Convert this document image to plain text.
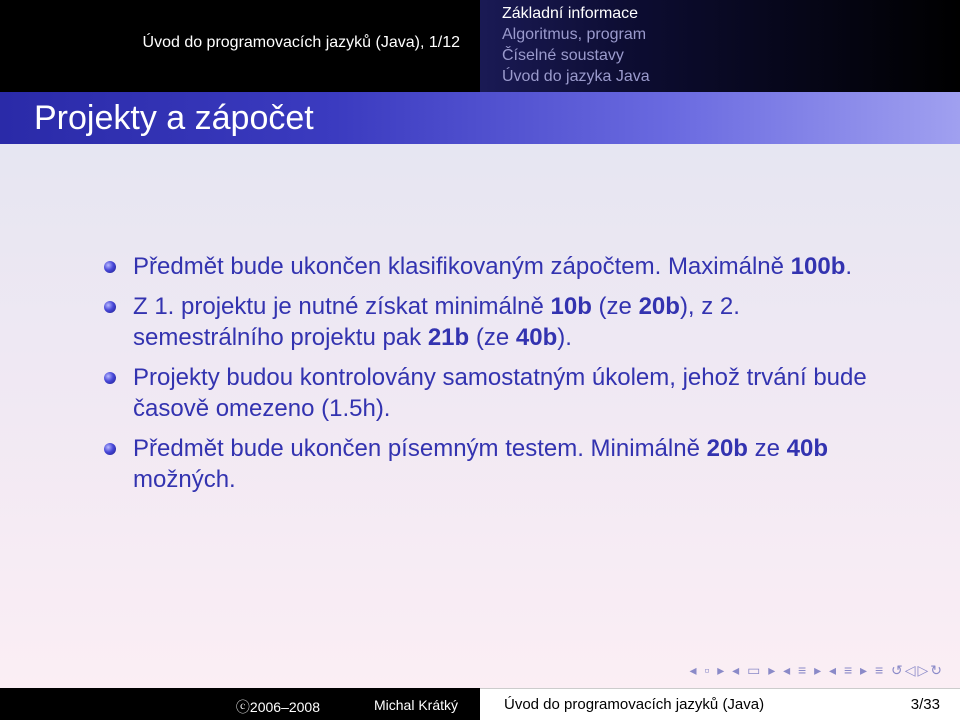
Úvod do programovacích jazyků (Java), 1/12
Základní informace
Algoritmus, program
Číselné soustavy
Úvod do jazyka Java
Projekty a zápočet
Předmět bude ukončen klasifikovaným zápočtem. Maximálně 100b.
Z 1. projektu je nutné získat minimálně 10b (ze 20b), z 2. semestrálního projektu pak 21b (ze 40b).
Projekty budou kontrolovány samostatným úkolem, jehož trvání bude časově omezeno (1.5h).
Předmět bude ukončen písemným testem. Minimálně 20b ze 40b možných.
◂ ▫ ▸ ◂ ▭ ▸ ◂ ≡ ▸ ◂ ≡ ▸ ≡ ↺◁▷↻
ⓒ2006–2008	Michal Krátký	Úvod do programovacích jazyků (Java)	3/33
